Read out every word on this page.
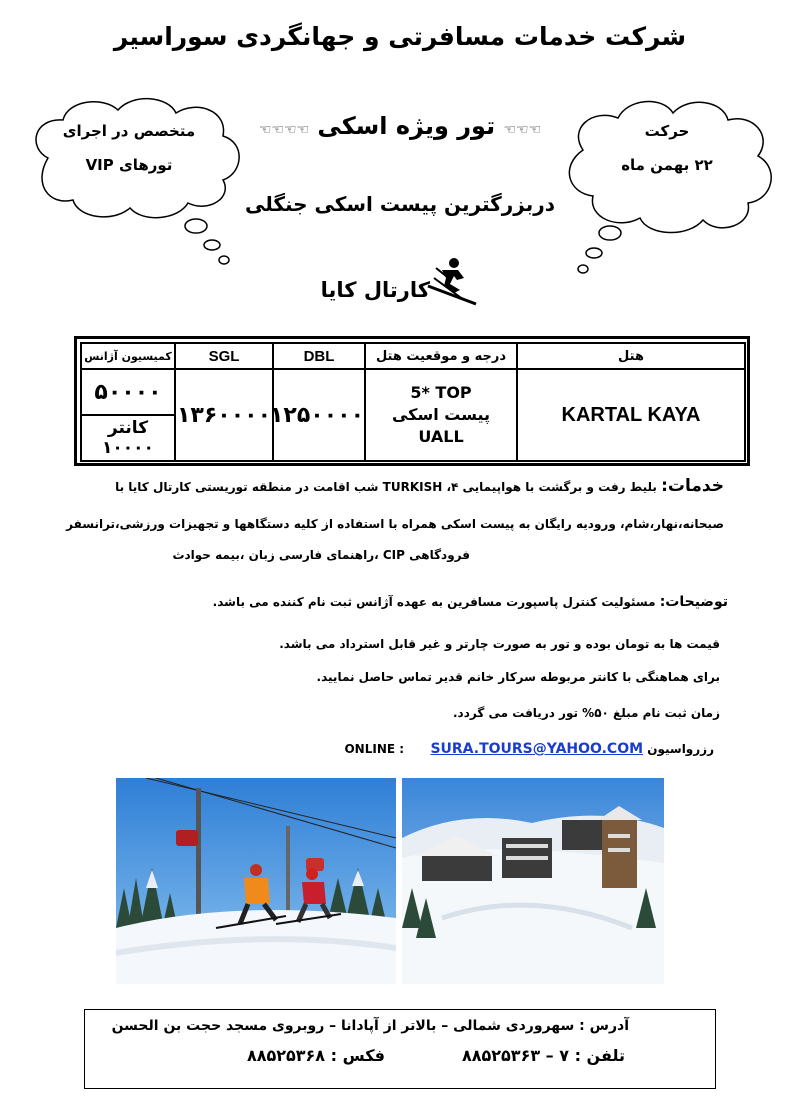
شرکت خدمات مسافرتی و جهانگردی سوراسیر
متخصص در اجرای
تورهای VIP
حرکت
۲۲ بهمن ماه
☜☜☜ تور ویژه اسکی ☜☜☜☜
دربزرگترین پیست اسکی جنگلی
کارتال کایا
هتل	درجه و موقعیت هتل	DBL	SGL	کمیسیون آژانس
KARTAL KAYA	5* TOP
پیست اسکی
UALL	۱۲۵۰۰۰۰	۱۳۶۰۰۰۰	۵۰۰۰۰
				کانتر ۱۰۰۰۰
خدمات: بلیط رفت و برگشت با هواپیمایی TURKISH ،۴ شب اقامت در منطقه توریستی کارتال کایا با
صبحانه،نهار،شام، ورودیه رایگان به پیست اسکی همراه با استفاده از کلیه دستگاهها و تجهیزات ورزشی،ترانسفر
فرودگاهی CIP ،راهنمای فارسی زبان ،بیمه حوادث
توضیحات: مسئولیت کنترل پاسپورت مسافرین به عهده آژانس ثبت نام کننده می باشد.
قیمت ها به تومان بوده و تور به صورت چارتر و غیر قابل استرداد می باشد.
برای هماهنگی با کانتر مربوطه سرکار خانم قدیر تماس حاصل نمایید.
زمان ثبت نام مبلغ ۵۰% تور دریافت می گردد.
رزرواسیون ONLINE :  SURA.TOURS@YAHOO.COM
آدرس : سهروردی شمالی – بالاتر از آپادانا – روبروی مسجد حجت بن الحسن
تلفن : ۷ – ۸۸۵۲۵۳۶۳
فکس : ۸۸۵۲۵۳۶۸
